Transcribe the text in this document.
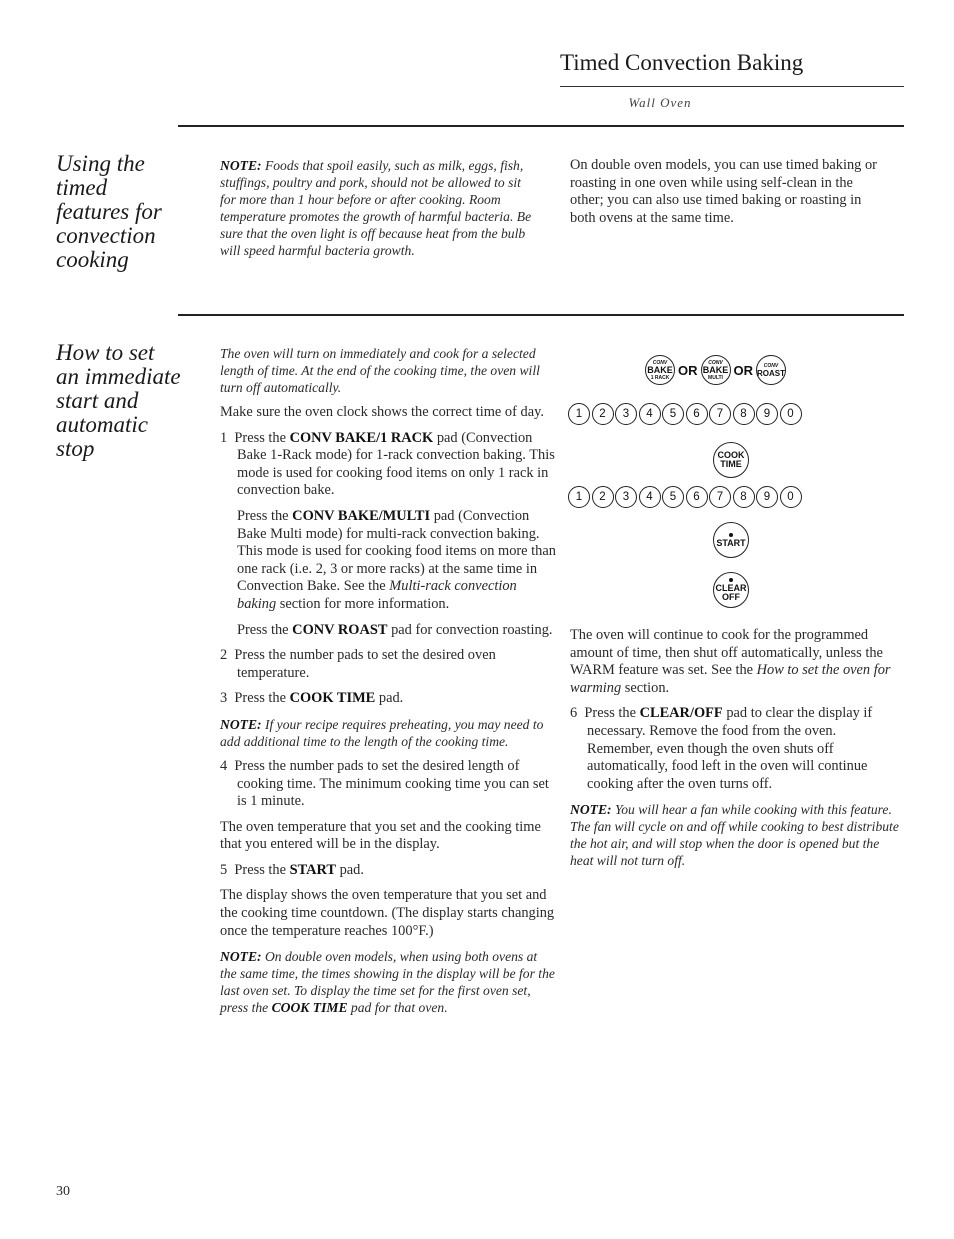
Timed Convection Baking
Wall Oven
Using the
timed
features for
convection
cooking
NOTE: Foods that spoil easily, such as milk, eggs, fish, stuffings, poultry and pork, should not be allowed to sit for more than 1 hour before or after cooking. Room temperature promotes the growth of harmful bacteria. Be sure that the oven light is off because heat from the bulb will speed harmful bacteria growth.
On double oven models, you can use timed baking or roasting in one oven while using self-clean in the other; you can also use timed baking or roasting in both ovens at the same time.
How to set
an immediate
start and
automatic
stop

The oven will turn on immediately and cook for a selected length of time. At the end of the cooking time, the oven will turn off automatically.

Make sure the oven clock shows the correct time of day.

1 Press the CONV BAKE/1 RACK pad (Convection Bake 1-Rack mode) for 1-rack convection baking. This mode is used for cooking food items on only 1 rack in convection bake.

Press the CONV BAKE/MULTI pad (Convection Bake Multi mode) for multi-rack convection baking. This mode is used for cooking food items on more than one rack (i.e. 2, 3 or more racks) at the same time in Convection Bake. See the Multi-rack convection baking section for more information.

Press the CONV ROAST pad for convection roasting.

2 Press the number pads to set the desired oven temperature.

3 Press the COOK TIME pad.

NOTE: If your recipe requires preheating, you may need to add additional time to the length of the cooking time.

4 Press the number pads to set the desired length of cooking time. The minimum cooking time you can set is 1 minute.

The oven temperature that you set and the cooking time that you entered will be in the display.

5 Press the START pad.

The display shows the oven temperature that you set and the cooking time countdown. (The display starts changing once the temperature reaches 100°F.)

NOTE: On double oven models, when using both ovens at the same time, the times showing in the display will be for the last oven set. To display the time set for the first oven set, press the COOK TIME pad for that oven.

CONV
BAKE
1 RACK OR CONV
BAKE
MULTI OR CONV
ROAST
1	2	3	4	5	6	7	8	9	0
COOK
TIME
1	2	3	4	5	6	7	8	9	0
START
CLEAR
OFF

The oven will continue to cook for the programmed amount of time, then shut off automatically, unless the WARM feature was set. See the How to set the oven for warming section.

6 Press the CLEAR/OFF pad to clear the display if necessary. Remove the food from the oven. Remember, even though the oven shuts off automatically, food left in the oven will continue cooking after the oven turns off.

NOTE: You will hear a fan while cooking with this feature. The fan will cycle on and off while cooking to best distribute the hot air, and will stop when the door is opened but the heat will not turn off.

30
